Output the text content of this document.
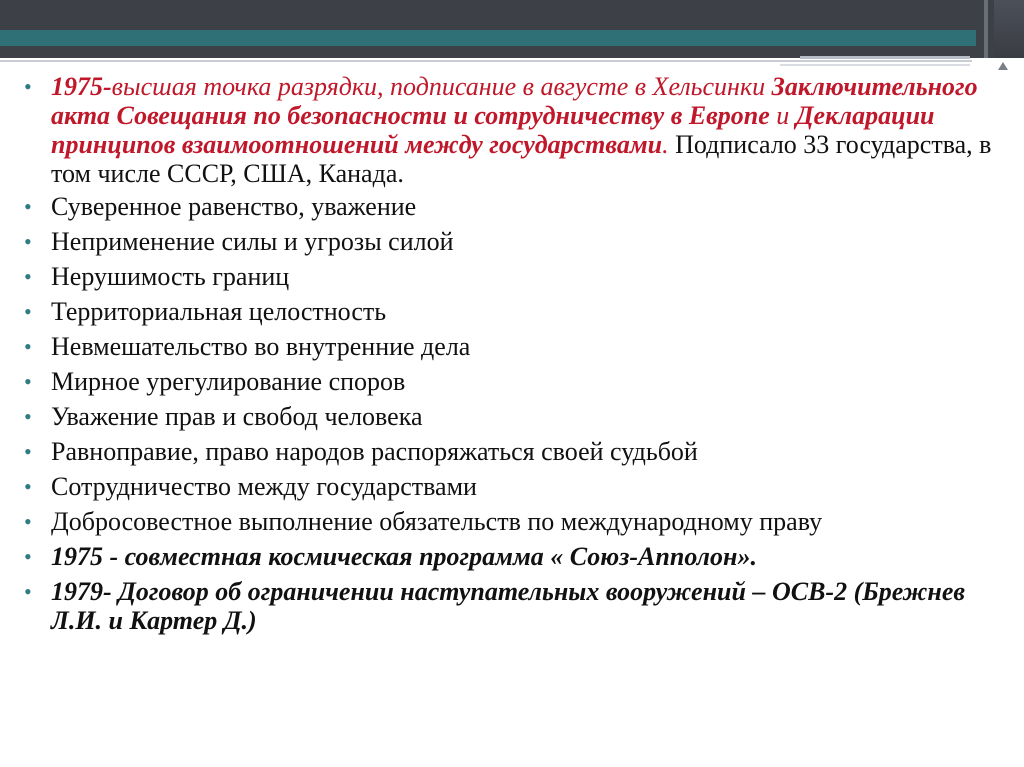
• 1975-высшая точка разрядки, подписание в августе в Хельсинки Заключительного акта Совещания по безопасности и сотрудничеству в Европе и Декларации принципов взаимоотношений между государствами. Подписало 33 государства, в том числе СССР, США, Канада.
• Суверенное равенство, уважение
• Неприменение силы и угрозы силой
• Нерушимость границ
• Территориальная целостность
• Невмешательство во внутренние дела
• Мирное урегулирование споров
• Уважение прав и свобод человека
• Равноправие, право народов распоряжаться своей судьбой
• Сотрудничество между государствами
• Добросовестное выполнение обязательств по международному праву
• 1975 - совместная космическая программа « Союз-Апполон».
• 1979- Договор об ограничении наступательных вооружений – ОСВ-2 (Брежнев Л.И. и Картер Д.)
